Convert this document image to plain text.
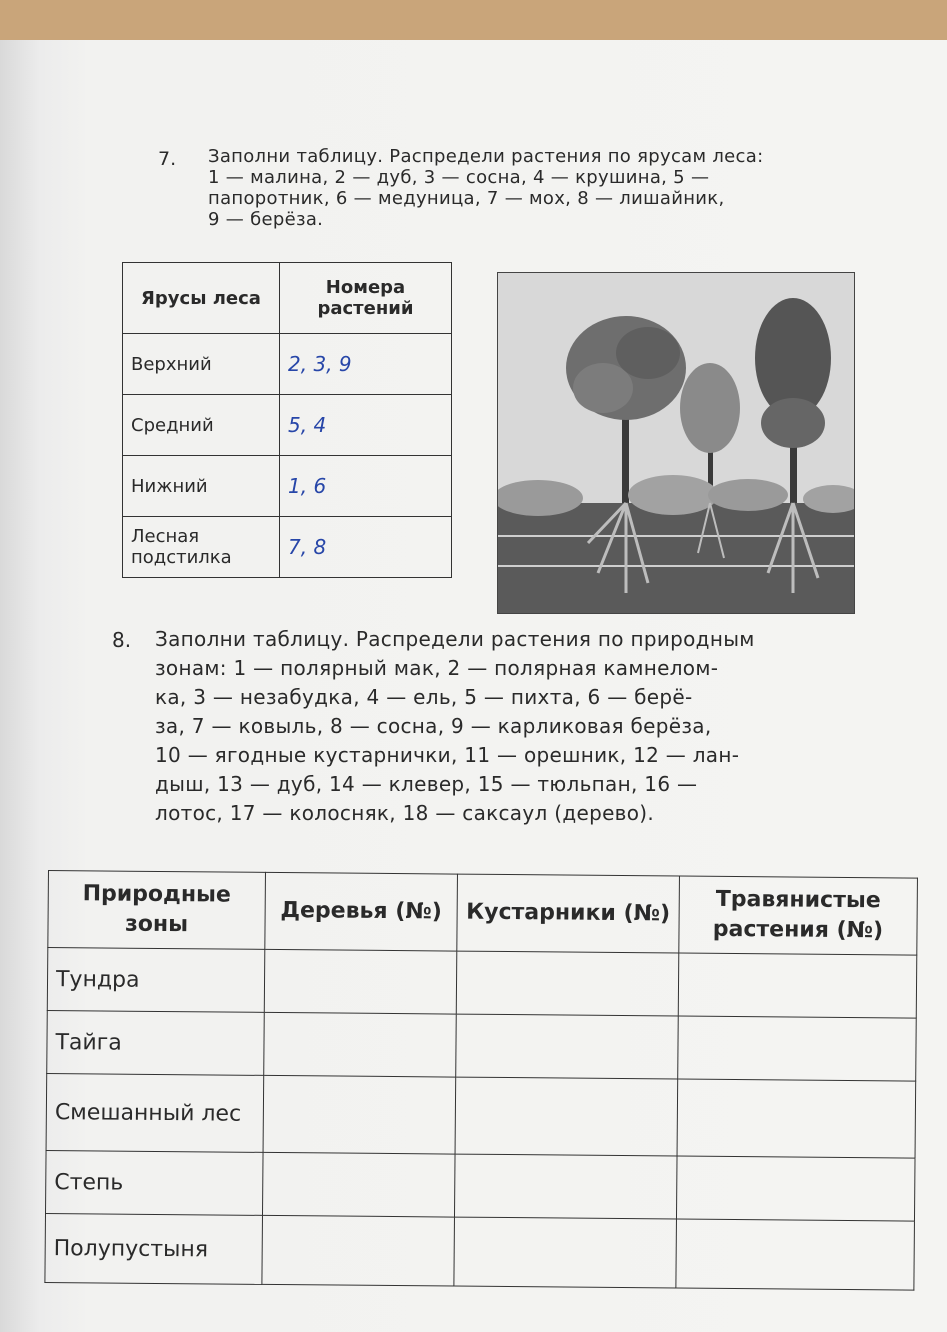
7. Заполни таблицу. Распредели растения по ярусам леса:
1 — малина, 2 — дуб, 3 — сосна, 4 — крушина, 5 —
папоротник, 6 — медуница, 7 — мох, 8 — лишайник,
9 — берёза.
Ярусы леса	Номера растений
Верхний	2, 3, 9
Средний	5, 4
Нижний	1, 6
Лесная подстилка	7, 8
8. Заполни таблицу. Распредели растения по природным
зонам: 1 — полярный мак, 2 — полярная камнелом-
ка, 3 — незабудка, 4 — ель, 5 — пихта, 6 — берё-
за, 7 — ковыль, 8 — сосна, 9 — карликовая берёза,
10 — ягодные кустарнички, 11 — орешник, 12 — лан-
дыш, 13 — дуб, 14 — клевер, 15 — тюльпан, 16 —
лотос, 17 — колосняк, 18 — саксаул (дерево).
Природные зоны	Деревья (№)	Кустарники (№)	Травянистые растения (№)
Тундра			
Тайга			
Смешанный лес			
Степь			
Полупустыня			
